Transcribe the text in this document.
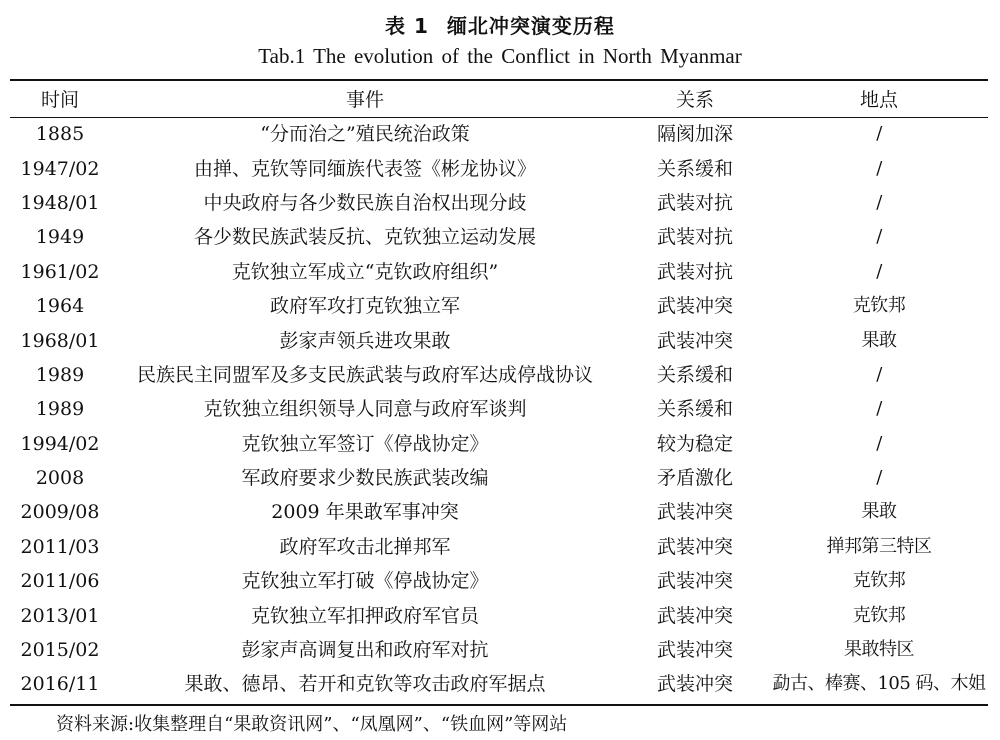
表 1 缅北冲突演变历程
Tab.1 The evolution of the Conflict in North Myanmar
时间	事件	关系	地点
1885	“分而治之”殖民统治政策	隔阂加深	/
1947/02	由掸、克钦等同缅族代表签《彬龙协议》	关系缓和	/
1948/01	中央政府与各少数民族自治权出现分歧	武装对抗	/
1949	各少数民族武装反抗、克钦独立运动发展	武装对抗	/
1961/02	克钦独立军成立“克钦政府组织”	武装对抗	/
1964	政府军攻打克钦独立军	武装冲突	克钦邦
1968/01	彭家声领兵进攻果敢	武装冲突	果敢
1989	民族民主同盟军及多支民族武装与政府军达成停战协议	关系缓和	/
1989	克钦独立组织领导人同意与政府军谈判	关系缓和	/
1994/02	克钦独立军签订《停战协定》	较为稳定	/
2008	军政府要求少数民族武装改编	矛盾激化	/
2009/08	2009 年果敢军事冲突	武装冲突	果敢
2011/03	政府军攻击北掸邦军	武装冲突	掸邦第三特区
2011/06	克钦独立军打破《停战协定》	武装冲突	克钦邦
2013/01	克钦独立军扣押政府军官员	武装冲突	克钦邦
2015/02	彭家声高调复出和政府军对抗	武装冲突	果敢特区
2016/11	果敢、德昂、若开和克钦等攻击政府军据点	武装冲突	勐古、棒赛、105 码、木姐
资料来源:收集整理自“果敢资讯网”、“凤凰网”、“铁血网”等网站
